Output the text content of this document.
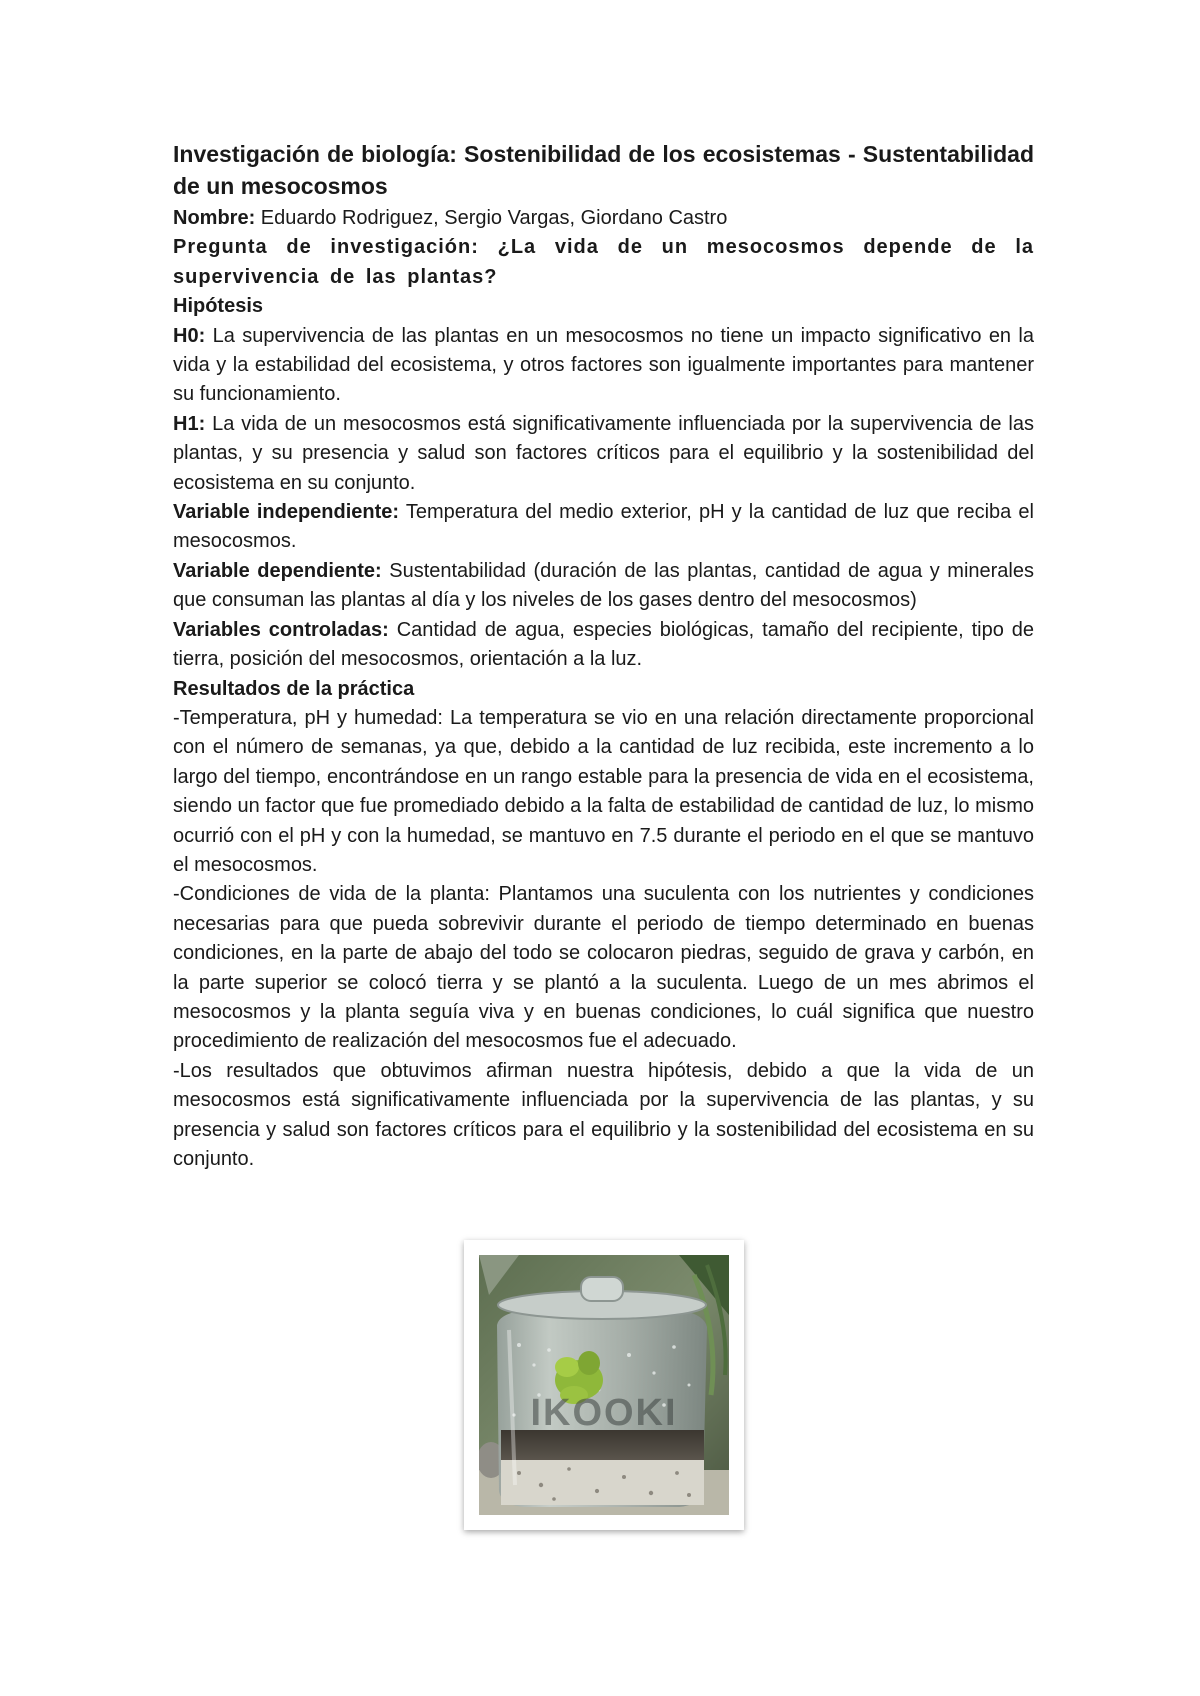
Investigación de biología: Sostenibilidad de los ecosistemas - Sustentabilidad de un mesocosmos

Nombre: Eduardo Rodriguez, Sergio Vargas, Giordano Castro

Pregunta de investigación: ¿La vida de un mesocosmos depende de la supervivencia de las plantas?

Hipótesis

H0: La supervivencia de las plantas en un mesocosmos no tiene un impacto significativo en la vida y la estabilidad del ecosistema, y otros factores son igualmente importantes para mantener su funcionamiento.

H1: La vida de un mesocosmos está significativamente influenciada por la supervivencia de las plantas, y su presencia y salud son factores críticos para el equilibrio y la sostenibilidad del ecosistema en su conjunto.

Variable independiente: Temperatura del medio exterior, pH y la cantidad de luz que reciba el mesocosmos.

Variable dependiente: Sustentabilidad (duración de las plantas, cantidad de agua y minerales que consuman las plantas al día y los niveles de los gases dentro del mesocosmos)

Variables controladas: Cantidad de agua, especies biológicas, tamaño del recipiente, tipo de tierra, posición del mesocosmos, orientación a la luz.

Resultados de la práctica

-Temperatura, pH y humedad: La temperatura se vio en una relación directamente proporcional con el número de semanas, ya que, debido a la cantidad de luz recibida, este incremento a lo largo del tiempo, encontrándose en un rango estable para la presencia de vida en el ecosistema, siendo un factor que fue promediado debido a la falta de estabilidad de cantidad de luz, lo mismo ocurrió con el pH y con la humedad, se mantuvo en 7.5 durante el periodo en el que se mantuvo el mesocosmos.

-Condiciones de vida de la planta: Plantamos una suculenta con los nutrientes y condiciones necesarias para que pueda sobrevivir durante el periodo de tiempo determinado en buenas condiciones, en la parte de abajo del todo se colocaron piedras, seguido de grava y carbón, en la parte superior se colocó tierra y se plantó a la suculenta. Luego de un mes abrimos el mesocosmos y la planta seguía viva y en buenas condiciones, lo cuál significa que nuestro procedimiento de realización del mesocosmos fue el adecuado.

-Los resultados que obtuvimos afirman nuestra hipótesis, debido a que la vida de un mesocosmos está significativamente influenciada por la supervivencia de las plantas, y su presencia y salud son factores críticos para el equilibrio y la sostenibilidad del ecosistema en su conjunto.

IKOOKI
